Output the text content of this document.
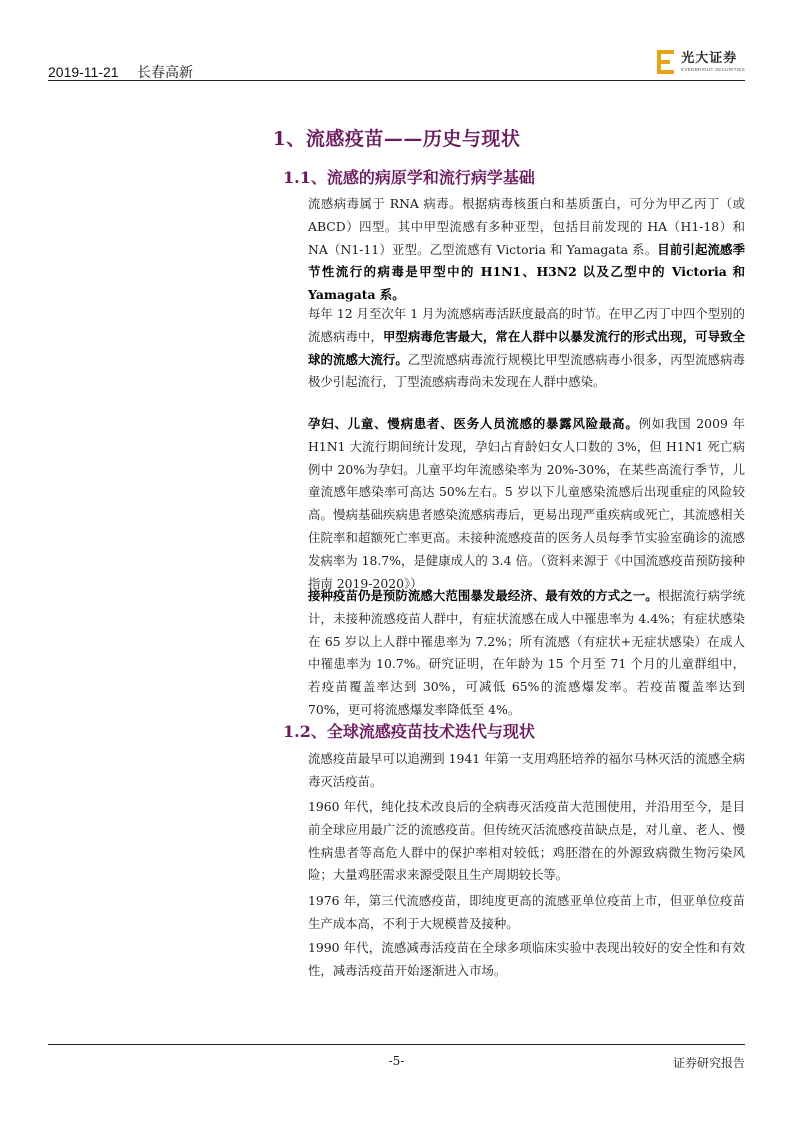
2019-11-21 长春高新
光大证券
EVERBRIGHT SECURITIES
1、流感疫苗——历史与现状
1.1、流感的病原学和流行病学基础

流感病毒属于 RNA 病毒。根据病毒核蛋白和基质蛋白，可分为甲乙丙丁（或 ABCD）四型。其中甲型流感有多种亚型，包括目前发现的 HA（H1-18）和 NA（N1-11）亚型。乙型流感有 Victoria 和 Yamagata 系。目前引起流感季节性流行的病毒是甲型中的 H1N1、H3N2 以及乙型中的 Victoria 和 Yamagata 系。

每年 12 月至次年 1 月为流感病毒活跃度最高的时节。在甲乙丙丁中四个型别的流感病毒中，甲型病毒危害最大，常在人群中以暴发流行的形式出现，可导致全球的流感大流行。乙型流感病毒流行规模比甲型流感病毒小很多，丙型流感病毒极少引起流行，丁型流感病毒尚未发现在人群中感染。

孕妇、儿童、慢病患者、医务人员流感的暴露风险最高。例如我国 2009 年 H1N1 大流行期间统计发现，孕妇占育龄妇女人口数的 3%，但 H1N1 死亡病例中 20%为孕妇。儿童平均年流感染率为 20%-30%，在某些高流行季节，儿童流感年感染率可高达 50%左右。5 岁以下儿童感染流感后出现重症的风险较高。慢病基础疾病患者感染流感病毒后，更易出现严重疾病或死亡，其流感相关住院率和超额死亡率更高。未接种流感疫苗的医务人员每季节实验室确诊的流感发病率为 18.7%，是健康成人的 3.4 倍。（资料来源于《中国流感疫苗预防接种指南 2019-2020》）

接种疫苗仍是预防流感大范围暴发最经济、最有效的方式之一。根据流行病学统计，未接种流感疫苗人群中，有症状流感在成人中罹患率为 4.4%；有症状感染在 65 岁以上人群中罹患率为 7.2%；所有流感（有症状+无症状感染）在成人中罹患率为 10.7%。研究证明，在年龄为 15 个月至 71 个月的儿童群组中，若疫苗覆盖率达到 30%，可减低 65%的流感爆发率。若疫苗覆盖率达到 70%，更可将流感爆发率降低至 4%。

1.2、全球流感疫苗技术迭代与现状

流感疫苗最早可以追溯到 1941 年第一支用鸡胚培养的福尔马林灭活的流感全病毒灭活疫苗。

1960 年代，纯化技术改良后的全病毒灭活疫苗大范围使用，并沿用至今，是目前全球应用最广泛的流感疫苗。但传统灭活流感疫苗缺点是，对儿童、老人、慢性病患者等高危人群中的保护率相对较低；鸡胚潜在的外源致病微生物污染风险；大量鸡胚需求来源受限且生产周期较长等。

1976 年，第三代流感疫苗，即纯度更高的流感亚单位疫苗上市，但亚单位疫苗生产成本高，不利于大规模普及接种。

1990 年代，流感减毒活疫苗在全球多项临床实验中表现出较好的安全性和有效性，减毒活疫苗开始逐渐进入市场。

-5-	证券研究报告
